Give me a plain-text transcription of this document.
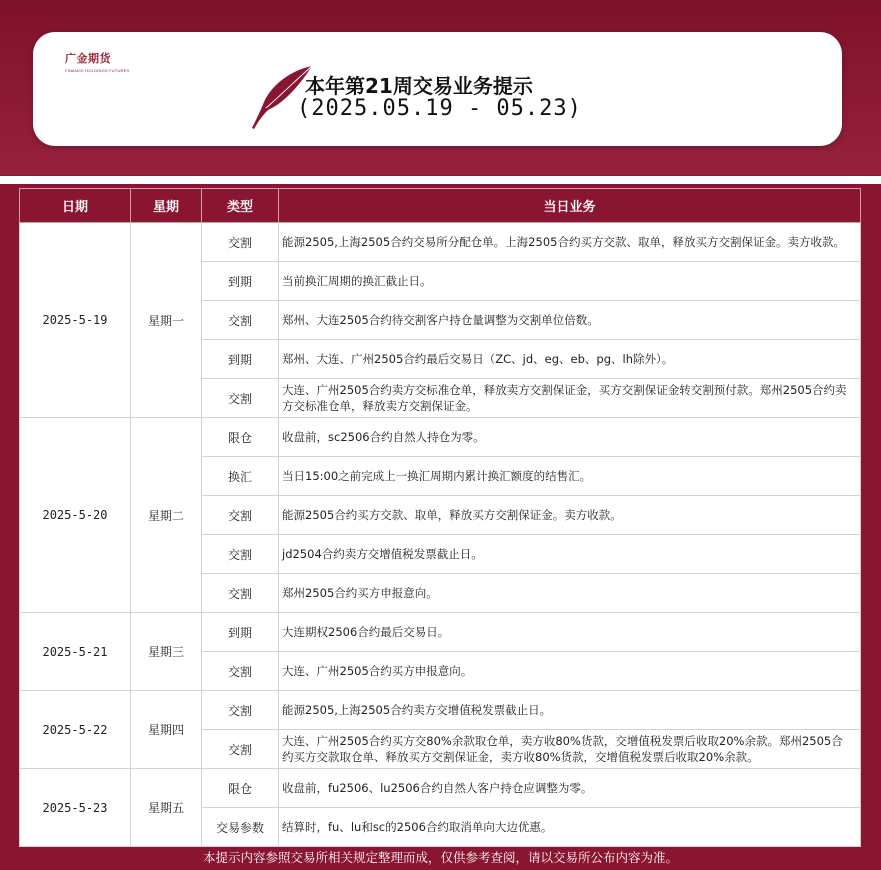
广金期货
FINANCE HOLDINGS FUTURES
本年第21周交易业务提示
(2025.05.19 - 05.23)
日期	星期	类型	当日业务
2025-5-19	星期一	交割	能源2505,上海2505合约交易所分配仓单。上海2505合约买方交款、取单，释放买方交割保证金。卖方收款。
		到期	当前换汇周期的换汇截止日。
		交割	郑州、大连2505合约待交割客户持仓量调整为交割单位倍数。
		到期	郑州、大连、广州2505合约最后交易日（ZC、jd、eg、eb、pg、lh除外）。
		交割	大连、广州2505合约卖方交标准仓单，释放卖方交割保证金，买方交割保证金转交割预付款。郑州2505合约卖方交标准仓单，释放卖方交割保证金。
2025-5-20	星期二	限仓	收盘前，sc2506合约自然人持仓为零。
		换汇	当日15:00之前完成上一换汇周期内累计换汇额度的结售汇。
		交割	能源2505合约买方交款、取单，释放买方交割保证金。卖方收款。
		交割	jd2504合约卖方交增值税发票截止日。
		交割	郑州2505合约买方申报意向。
2025-5-21	星期三	到期	大连期权2506合约最后交易日。
		交割	大连、广州2505合约买方申报意向。
2025-5-22	星期四	交割	能源2505,上海2505合约卖方交增值税发票截止日。
		交割	大连、广州2505合约买方交80%余款取仓单，卖方收80%货款，交增值税发票后收取20%余款。郑州2505合约买方交款取仓单、释放买方交割保证金，卖方收80%货款，交增值税发票后收取20%余款。
2025-5-23	星期五	限仓	收盘前，fu2506、lu2506合约自然人客户持仓应调整为零。
		交易参数	结算时，fu、lu和sc的2506合约取消单向大边优惠。
本提示内容参照交易所相关规定整理而成，仅供参考查阅，请以交易所公布内容为准。
